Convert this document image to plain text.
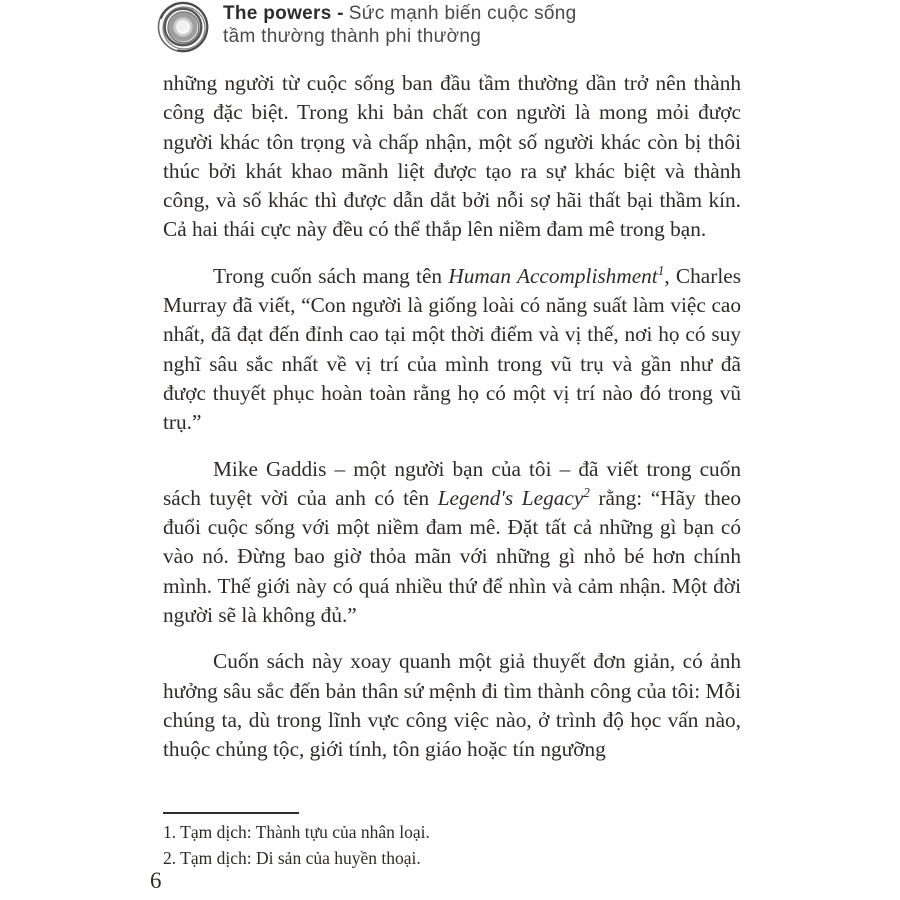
The powers - Sức mạnh biến cuộc sống
tầm thường thành phi thường

những người từ cuộc sống ban đầu tầm thường dần trở nên thành công đặc biệt. Trong khi bản chất con người là mong mỏi được người khác tôn trọng và chấp nhận, một số người khác còn bị thôi thúc bởi khát khao mãnh liệt được tạo ra sự khác biệt và thành công, và số khác thì được dẫn dắt bởi nỗi sợ hãi thất bại thầm kín. Cả hai thái cực này đều có thể thắp lên niềm đam mê trong bạn.

Trong cuốn sách mang tên Human Accomplishment$^1$, Charles Murray đã viết, “Con người là giống loài có năng suất làm việc cao nhất, đã đạt đến đỉnh cao tại một thời điểm và vị thế, nơi họ có suy nghĩ sâu sắc nhất về vị trí của mình trong vũ trụ và gần như đã được thuyết phục hoàn toàn rằng họ có một vị trí nào đó trong vũ trụ.”

Mike Gaddis – một người bạn của tôi – đã viết trong cuốn sách tuyệt vời của anh có tên Legend's Legacy$^2$ rằng: “Hãy theo đuổi cuộc sống với một niềm đam mê. Đặt tất cả những gì bạn có vào nó. Đừng bao giờ thỏa mãn với những gì nhỏ bé hơn chính mình. Thế giới này có quá nhiều thứ để nhìn và cảm nhận. Một đời người sẽ là không đủ.”

Cuốn sách này xoay quanh một giả thuyết đơn giản, có ảnh hưởng sâu sắc đến bản thân sứ mệnh đi tìm thành công của tôi: Mỗi chúng ta, dù trong lĩnh vực công việc nào, ở trình độ học vấn nào, thuộc chủng tộc, giới tính, tôn giáo hoặc tín ngưỡng

1. Tạm dịch: Thành tựu của nhân loại.

2. Tạm dịch: Di sản của huyền thoại.

6
